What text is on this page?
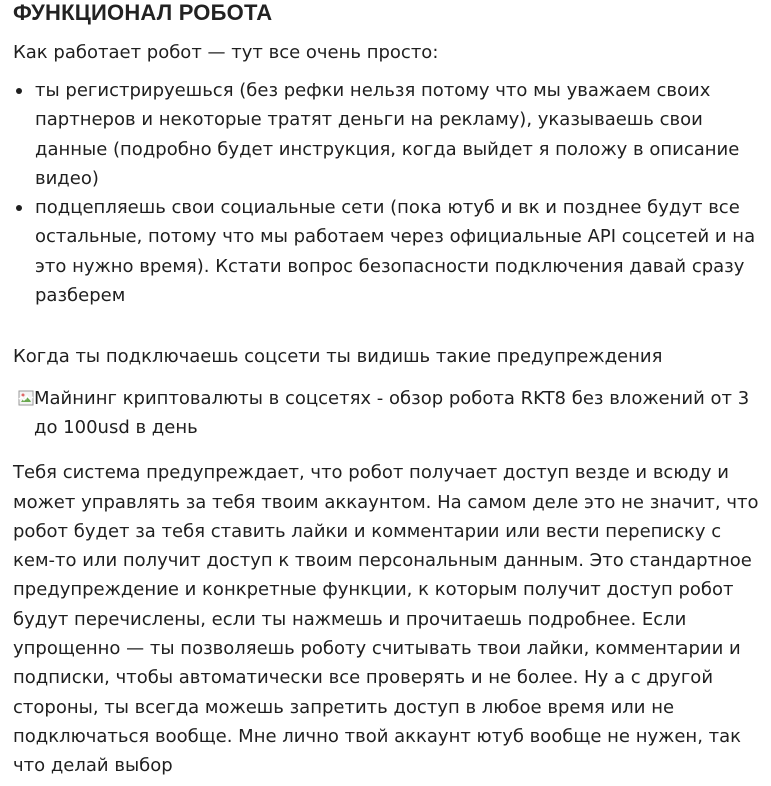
ФУНКЦИОНАЛ РОБОТА

Как работает робот — тут все очень просто:

ты регистрируешься (без рефки нельзя потому что мы уважаем своих партнеров и некоторые тратят деньги на рекламу), указываешь свои данные (подробно будет инструкция, когда выйдет я положу в описание видео)
подцепляешь свои социальные сети (пока ютуб и вк и позднее будут все остальные, потому что мы работаем через официальные API соцсетей и на это нужно время). Кстати вопрос безопасности подключения давай сразу разберем

Когда ты подключаешь соцсети ты видишь такие предупреждения

Майнинг криптовалюты в соцсетях - обзор робота RKT8 без вложений от 3 до 100usd в день

Тебя система предупреждает, что робот получает доступ везде и всюду и может управлять за тебя твоим аккаунтом. На самом деле это не значит, что робот будет за тебя ставить лайки и комментарии или вести переписку с кем-то или получит доступ к твоим персональным данным. Это стандартное предупреждение и конкретные функции, к которым получит доступ робот будут перечислены, если ты нажмешь и прочитаешь подробнее. Если упрощенно — ты позволяешь роботу считывать твои лайки, комментарии и подписки, чтобы автоматически все проверять и не более. Ну а с другой стороны, ты всегда можешь запретить доступ в любое время или не подключаться вообще. Мне лично твой аккаунт ютуб вообще не нужен, так что делай выбор
